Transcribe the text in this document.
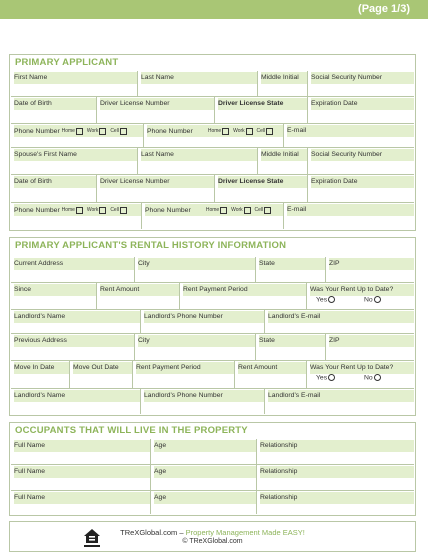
(Page 1/3)
PRIMARY APPLICANT
First Name	Last Name	Middle Initial	Social Security Number
Date of Birth	Driver License Number	Driver License State	Expiration Date
Phone Number Home Work Cell	Phone Number	Home Work Cell	E-mail
Spouse's First Name	Last Name	Middle Initial	Social Security Number
Date of Birth	Driver License Number	Driver License State	Expiration Date
Phone Number Home Work Cell	Phone Number	Home Work Cell	E-mail
PRIMARY APPLICANT'S RENTAL HISTORY INFORMATION
Current Address	City	State	ZIP
Since	Rent Amount	Rent Payment Period	Was Your Rent Up to Date?
Yes	No
Landlord's Name	Landlord's Phone Number	Landlord's E-mail
Previous Address	City	State	ZIP
Move In Date	Move Out Date	Rent Payment Period	Rent Amount	Was Your Rent Up to Date?
Yes	No
Landlord's Name	Landlord's Phone Number	Landlord's E-mail
OCCUPANTS THAT WILL LIVE IN THE PROPERTY
Full Name	Age	Relationship
Full Name	Age	Relationship
Full Name	Age	Relationship
TReXGlobal.com – Property Management Made EASY!
© TReXGlobal.com
